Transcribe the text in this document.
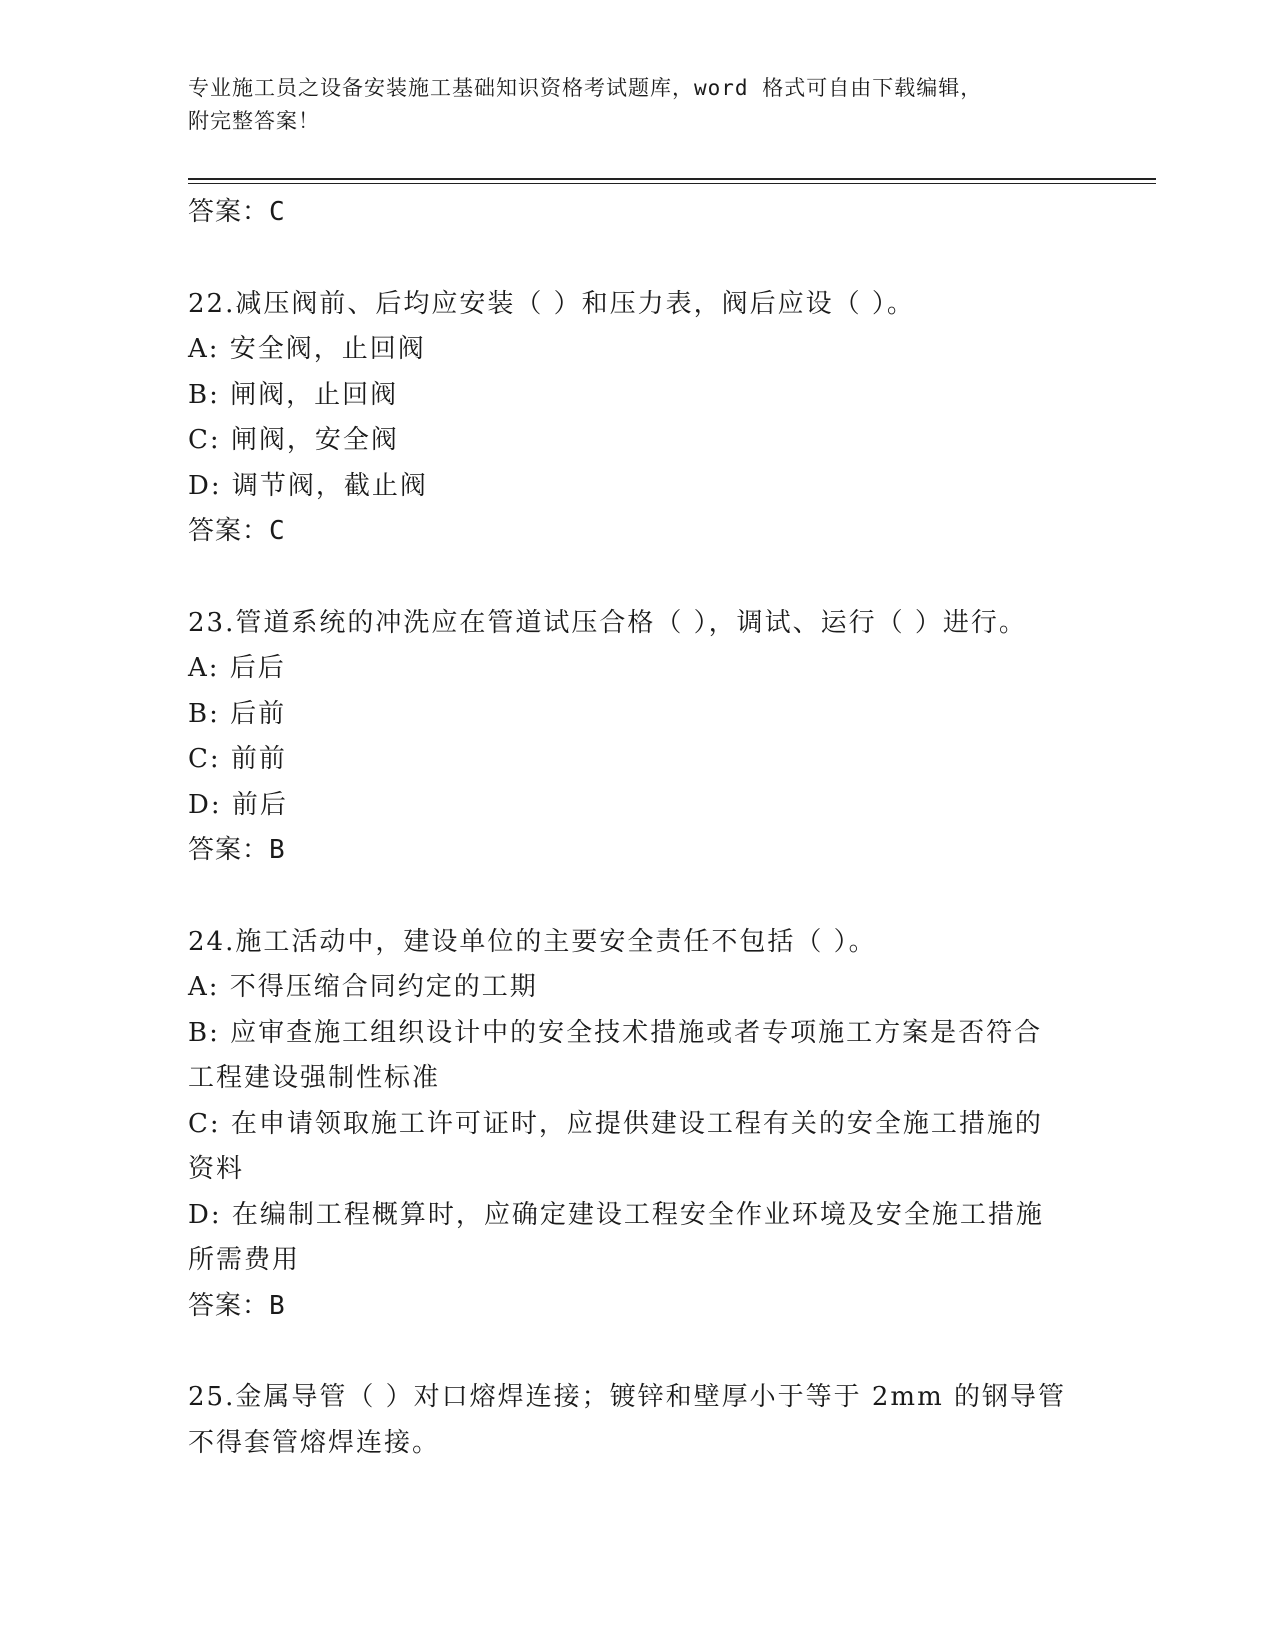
专业施工员之设备安装施工基础知识资格考试题库，word 格式可自由下载编辑，
附完整答案！
答案：C
22.减压阀前、后均应安装（ ）和压力表，阀后应设（ ）。
A: 安全阀，止回阀
B: 闸阀，止回阀
C: 闸阀，安全阀
D: 调节阀，截止阀
答案：C
23.管道系统的冲洗应在管道试压合格（ ），调试、运行（ ）进行。
A: 后后
B: 后前
C: 前前
D: 前后
答案：B
24.施工活动中，建设单位的主要安全责任不包括（ ）。
A: 不得压缩合同约定的工期
B: 应审查施工组织设计中的安全技术措施或者专项施工方案是否符合
工程建设强制性标准
C: 在申请领取施工许可证时，应提供建设工程有关的安全施工措施的
资料
D: 在编制工程概算时，应确定建设工程安全作业环境及安全施工措施
所需费用
答案：B
25.金属导管（ ）对口熔焊连接；镀锌和壁厚小于等于 2mm 的钢导管
不得套管熔焊连接。
